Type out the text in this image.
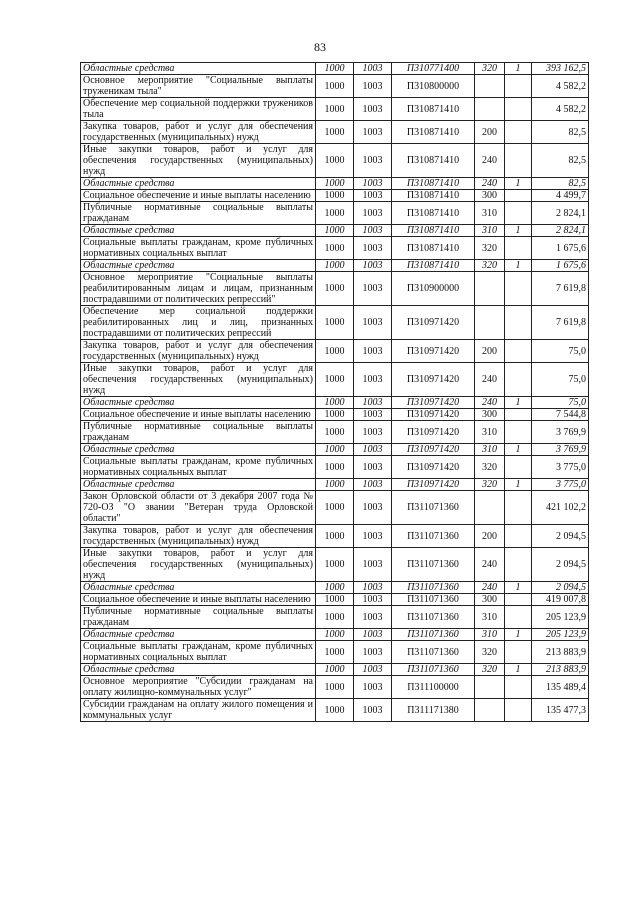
83
Областные средства	1000	1003	П310771400	320	1	393 162,5
Основное мероприятие "Социальные выплаты труженикам тыла"	1000	1003	П310800000			4 582,2
Обеспечение мер социальной поддержки тружеников тыла	1000	1003	П310871410			4 582,2
Закупка товаров, работ и услуг для обеспечения государственных (муниципальных) нужд	1000	1003	П310871410	200		82,5
Иные закупки товаров, работ и услуг для обеспечения государственных (муниципальных) нужд	1000	1003	П310871410	240		82,5
Областные средства	1000	1003	П310871410	240	1	82,5
Социальное обеспечение и иные выплаты населению	1000	1003	П310871410	300		4 499,7
Публичные нормативные социальные выплаты гражданам	1000	1003	П310871410	310		2 824,1
Областные средства	1000	1003	П310871410	310	1	2 824,1
Социальные выплаты гражданам, кроме публичных нормативных социальных выплат	1000	1003	П310871410	320		1 675,6
Областные средства	1000	1003	П310871410	320	1	1 675,6
Основное мероприятие "Социальные выплаты реабилитированным лицам и лицам, признанным пострадавшими от политических репрессий"	1000	1003	П310900000			7 619,8
Обеспечение мер социальной поддержки реабилитированных лиц и лиц, признанных пострадавшими от политических репрессий	1000	1003	П310971420			7 619,8
Закупка товаров, работ и услуг для обеспечения государственных (муниципальных) нужд	1000	1003	П310971420	200		75,0
Иные закупки товаров, работ и услуг для обеспечения государственных (муниципальных) нужд	1000	1003	П310971420	240		75,0
Областные средства	1000	1003	П310971420	240	1	75,0
Социальное обеспечение и иные выплаты населению	1000	1003	П310971420	300		7 544,8
Публичные нормативные социальные выплаты гражданам	1000	1003	П310971420	310		3 769,9
Областные средства	1000	1003	П310971420	310	1	3 769,9
Социальные выплаты гражданам, кроме публичных нормативных социальных выплат	1000	1003	П310971420	320		3 775,0
Областные средства	1000	1003	П310971420	320	1	3 775,0
Закон Орловской области от 3 декабря 2007 года № 720-ОЗ "О звании "Ветеран труда Орловской области"	1000	1003	П311071360			421 102,2
Закупка товаров, работ и услуг для обеспечения государственных (муниципальных) нужд	1000	1003	П311071360	200		2 094,5
Иные закупки товаров, работ и услуг для обеспечения государственных (муниципальных) нужд	1000	1003	П311071360	240		2 094,5
Областные средства	1000	1003	П311071360	240	1	2 094,5
Социальное обеспечение и иные выплаты населению	1000	1003	П311071360	300		419 007,8
Публичные нормативные социальные выплаты гражданам	1000	1003	П311071360	310		205 123,9
Областные средства	1000	1003	П311071360	310	1	205 123,9
Социальные выплаты гражданам, кроме публичных нормативных социальных выплат	1000	1003	П311071360	320		213 883,9
Областные средства	1000	1003	П311071360	320	1	213 883,9
Основное мероприятие "Субсидии гражданам на оплату жилищно-коммунальных услуг"	1000	1003	П311100000			135 489,4
Субсидии гражданам на оплату жилого помещения и коммунальных услуг	1000	1003	П311171380			135 477,3
